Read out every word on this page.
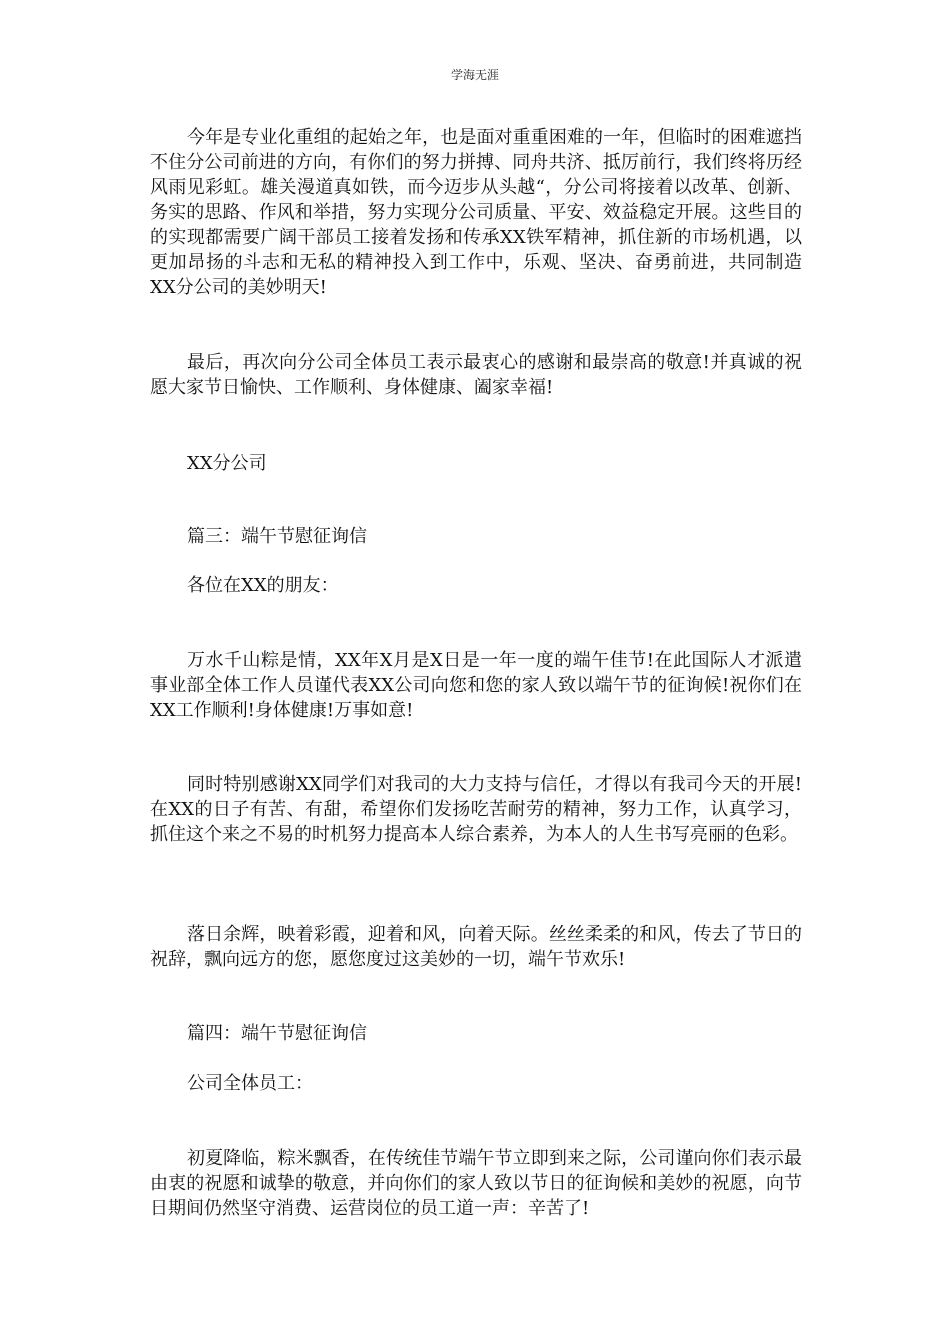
学海无涯

今年是专业化重组的起始之年，也是面对重重困难的一年，但临时的困难遮挡不住分公司前进的方向，有你们的努力拼搏、同舟共济、抵厉前行，我们终将历经风雨见彩虹。雄关漫道真如铁，而今迈步从头越“，分公司将接着以改革、创新、务实的思路、作风和举措，努力实现分公司质量、平安、效益稳定开展。这些目的的实现都需要广阔干部员工接着发扬和传承XX铁军精神，抓住新的市场机遇，以更加昂扬的斗志和无私的精神投入到工作中，乐观、坚决、奋勇前进，共同制造XX分公司的美妙明天!

最后，再次向分公司全体员工表示最衷心的感谢和最崇高的敬意!并真诚的祝愿大家节日愉快、工作顺利、身体健康、阖家幸福!

XX分公司

篇三：端午节慰征询信

各位在XX的朋友：

万水千山粽是情，XX年X月是X日是一年一度的端午佳节!在此国际人才派遣事业部全体工作人员谨代表XX公司向您和您的家人致以端午节的征询候!祝你们在XX工作顺利!身体健康!万事如意!

同时特别感谢XX同学们对我司的大力支持与信任，才得以有我司今天的开展!在XX的日子有苦、有甜，希望你们发扬吃苦耐劳的精神，努力工作，认真学习，抓住这个来之不易的时机努力提高本人综合素养，为本人的人生书写亮丽的色彩。

落日余辉，映着彩霞，迎着和风，向着天际。丝丝柔柔的和风，传去了节日的祝辞，飘向远方的您，愿您度过这美妙的一切，端午节欢乐!

篇四：端午节慰征询信

公司全体员工：

初夏降临，粽米飘香，在传统佳节端午节立即到来之际，公司谨向你们表示最由衷的祝愿和诚挚的敬意，并向你们的家人致以节日的征询候和美妙的祝愿，向节日期间仍然坚守消费、运营岗位的员工道一声：辛苦了!
